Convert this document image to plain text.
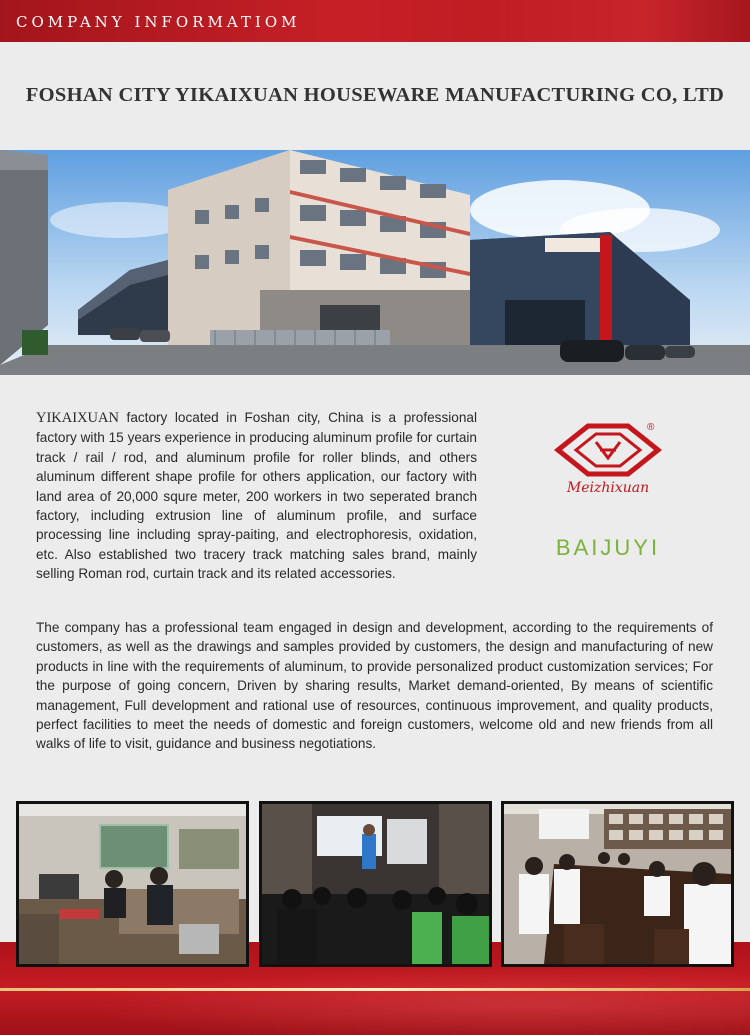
COMPANY INFORMATIOM
FOSHAN CITY YIKAIXUAN HOUSEWARE MANUFACTURING CO, LTD

YIKAIXUAN factory located in Foshan city, China is a professional factory with 15 years experience in producing aluminum profile for curtain track / rail / rod, and aluminum profile for roller blinds, and others aluminum different shape profile for others application, our factory with land area of 20,000 squre meter, 200 workers in two seperated branch factory, including extrusion line of aluminum profile, and surface processing line including spray-paiting, and electrophoresis, oxidation, etc. Also established two tracery track matching sales brand, mainly selling Roman rod, curtain track and its related accessories.

®
Meizhixuan
BAIJUYI

The company has a professional team engaged in design and development, according to the requirements of customers, as well as the drawings and samples provided by customers, the design and manufacturing of new products in line with the requirements of aluminum, to provide personalized product customization services; For the purpose of going concern, Driven by sharing results, Market demand-oriented, By means of scientific management, Full development and rational use of resources, continuous improvement, and quality products, perfect facilities to meet the needs of domestic and foreign customers, welcome old and new friends from all walks of life to visit, guidance and business negotiations.
